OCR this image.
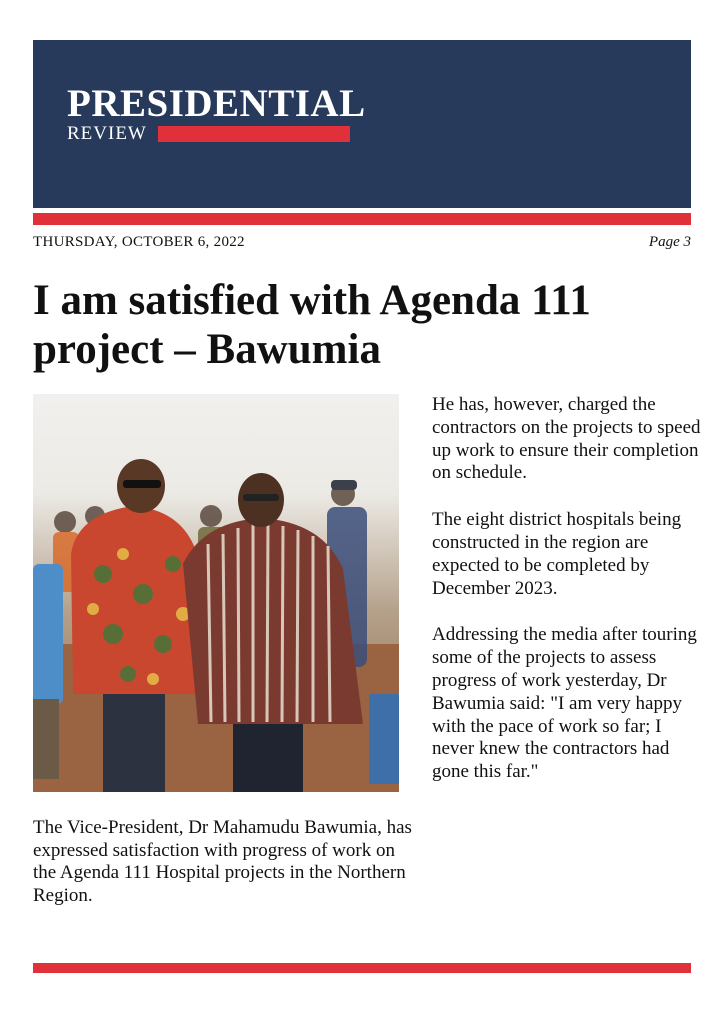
PRESIDENTIAL
REVIEW
THURSDAY, OCTOBER 6, 2022	Page 3
I am satisfied with Agenda 111
project – Bawumia

The Vice-President, Dr Mahamudu Bawumia, has expressed satisfaction with progress of work on the Agenda 111 Hospital projects in the Northern Region.

He has, however, charged the contractors on the projects to speed up work to ensure their completion on schedule.

The eight district hospitals being constructed in the region are expected to be completed by December 2023.

Addressing the media after touring some of the projects to assess progress of work yesterday, Dr Bawumia said: "I am very happy with the pace of work so far; I never knew the contractors had gone this far."
